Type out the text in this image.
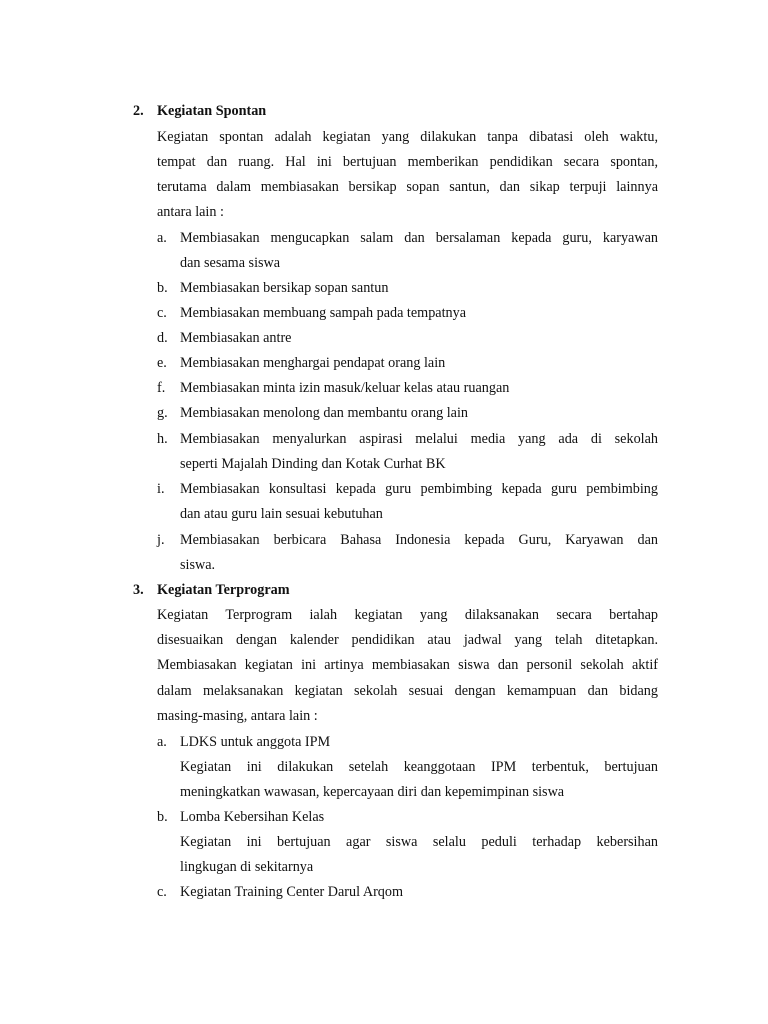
2. Kegiatan Spontan
Kegiatan spontan adalah kegiatan yang dilakukan tanpa dibatasi oleh waktu,
tempat dan ruang. Hal ini bertujuan memberikan pendidikan secara spontan,
terutama dalam membiasakan bersikap sopan santun, dan sikap terpuji lainnya
antara lain :
a. Membiasakan mengucapkan salam dan bersalaman kepada guru, karyawan
dan sesama siswa
b. Membiasakan bersikap sopan santun
c. Membiasakan membuang sampah pada tempatnya
d. Membiasakan antre
e. Membiasakan menghargai pendapat orang lain
f. Membiasakan minta izin masuk/keluar kelas atau ruangan
g. Membiasakan menolong dan membantu orang lain
h. Membiasakan menyalurkan aspirasi melalui media yang ada di sekolah
seperti Majalah Dinding dan Kotak Curhat BK
i. Membiasakan konsultasi kepada guru pembimbing kepada guru pembimbing
dan atau guru lain sesuai kebutuhan
j. Membiasakan berbicara Bahasa Indonesia kepada Guru, Karyawan dan
siswa.
3. Kegiatan Terprogram
Kegiatan Terprogram ialah kegiatan yang dilaksanakan secara bertahap
disesuaikan dengan kalender pendidikan atau jadwal yang telah ditetapkan.
Membiasakan kegiatan ini artinya membiasakan siswa dan personil sekolah aktif
dalam melaksanakan kegiatan sekolah sesuai dengan kemampuan dan bidang
masing-masing, antara lain :
a. LDKS untuk anggota IPM
Kegiatan ini dilakukan setelah keanggotaan IPM terbentuk, bertujuan
meningkatkan wawasan, kepercayaan diri dan kepemimpinan siswa
b. Lomba Kebersihan Kelas
Kegiatan ini bertujuan agar siswa selalu peduli terhadap kebersihan
lingkugan di sekitarnya
c. Kegiatan Training Center Darul Arqom
